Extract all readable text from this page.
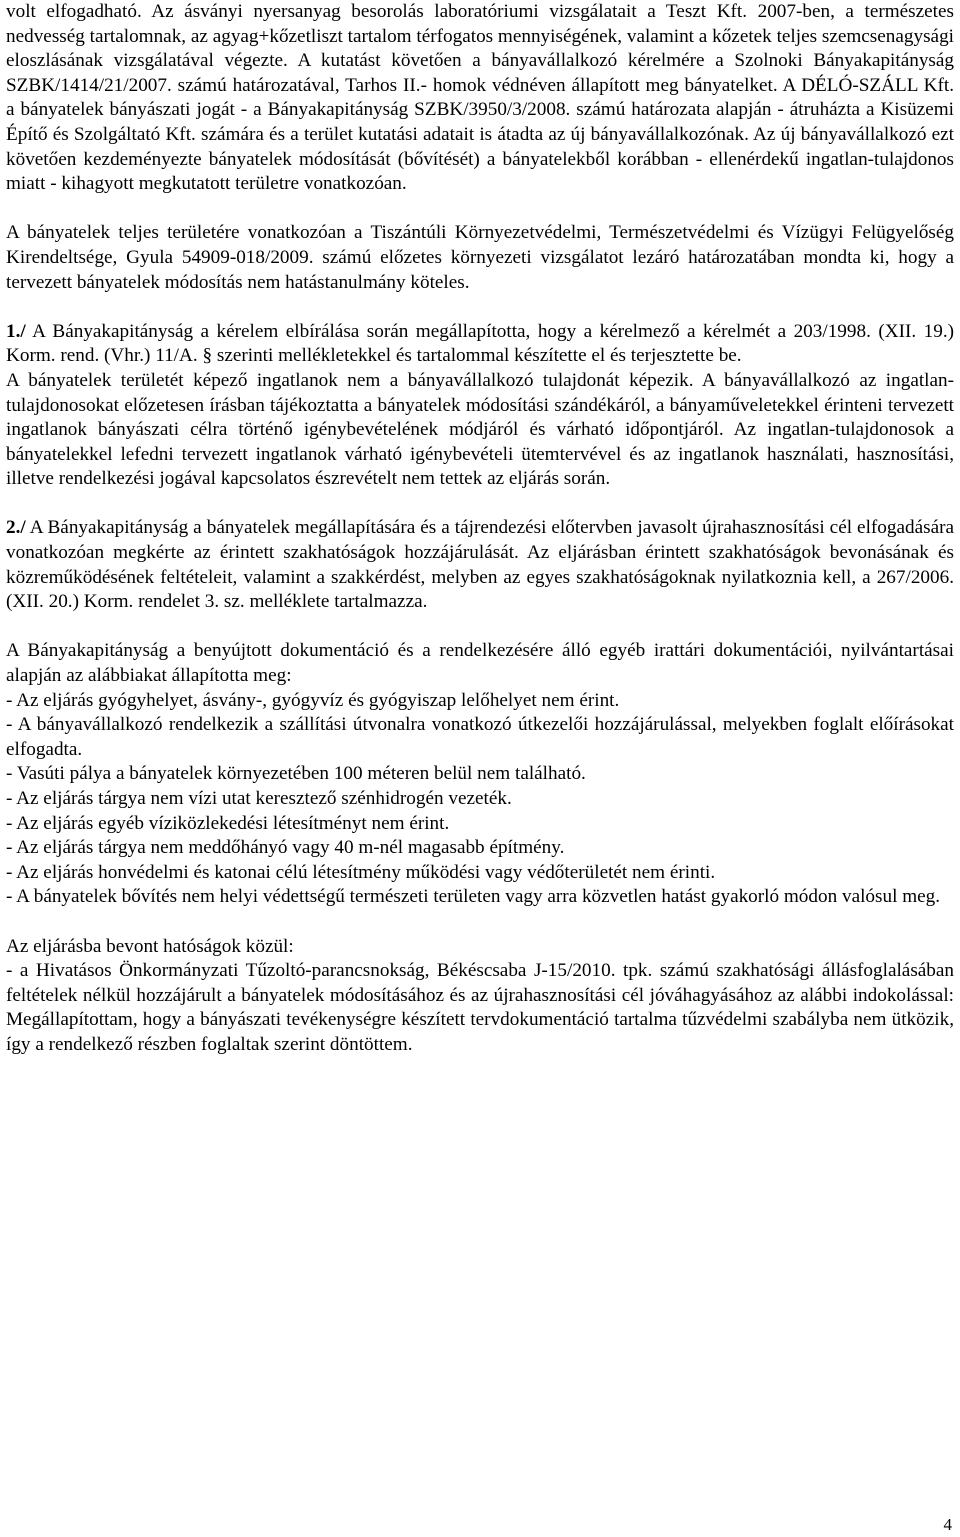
volt elfogadható. Az ásványi nyersanyag besorolás laboratóriumi vizsgálatait a Teszt Kft. 2007-ben, a természetes nedvesség tartalomnak, az agyag+kőzetliszt tartalom térfogatos mennyiségének, valamint a kőzetek teljes szemcsenagysági eloszlásának vizsgálatával végezte. A kutatást követően a bányavállalkozó kérelmére a Szolnoki Bányakapitányság SZBK/1414/21/2007. számú határozatával, Tarhos II.- homok védnéven állapított meg bányatelket. A DÉLÓ-SZÁLL Kft. a bányatelek bányászati jogát - a Bányakapitányság SZBK/3950/3/2008. számú határozata alapján - átruházta a Kisüzemi Építő és Szolgáltató Kft. számára és a terület kutatási adatait is átadta az új bányavállalkozónak. Az új bányavállalkozó ezt követően kezdeményezte bányatelek módosítását (bővítését) a bányatelekből korábban - ellenérdekű ingatlan-tulajdonos miatt - kihagyott megkutatott területre vonatkozóan.

A bányatelek teljes területére vonatkozóan a Tiszántúli Környezetvédelmi, Természetvédelmi és Vízügyi Felügyelőség Kirendeltsége, Gyula 54909-018/2009. számú előzetes környezeti vizsgálatot lezáró határozatában mondta ki, hogy a tervezett bányatelek módosítás nem hatástanulmány köteles.

1./ A Bányakapitányság a kérelem elbírálása során megállapította, hogy a kérelmező a kérelmét a 203/1998. (XII. 19.) Korm. rend. (Vhr.) 11/A. § szerinti mellékletekkel és tartalommal készítette el és terjesztette be.

A bányatelek területét képező ingatlanok nem a bányavállalkozó tulajdonát képezik. A bányavállalkozó az ingatlan-tulajdonosokat előzetesen írásban tájékoztatta a bányatelek módosítási szándékáról, a bányaműveletekkel érinteni tervezett ingatlanok bányászati célra történő igénybevételének módjáról és várható időpontjáról. Az ingatlan-tulajdonosok a bányatelekkel lefedni tervezett ingatlanok várható igénybevételi ütemtervével és az ingatlanok használati, hasznosítási, illetve rendelkezési jogával kapcsolatos észrevételt nem tettek az eljárás során.

2./ A Bányakapitányság a bányatelek megállapítására és a tájrendezési előtervben javasolt újrahasznosítási cél elfogadására vonatkozóan megkérte az érintett szakhatóságok hozzájárulását. Az eljárásban érintett szakhatóságok bevonásának és közreműködésének feltételeit, valamint a szakkérdést, melyben az egyes szakhatóságoknak nyilatkoznia kell, a 267/2006. (XII. 20.) Korm. rendelet 3. sz. melléklete tartalmazza.

A Bányakapitányság a benyújtott dokumentáció és a rendelkezésére álló egyéb irattári dokumentációi, nyilvántartásai alapján az alábbiakat állapította meg:

- Az eljárás gyógyhelyet, ásvány-, gyógyvíz és gyógyiszap lelőhelyet nem érint.

- A bányavállalkozó rendelkezik a szállítási útvonalra vonatkozó útkezelői hozzájárulással, melyekben foglalt előírásokat elfogadta.

- Vasúti pálya a bányatelek környezetében 100 méteren belül nem található.

- Az eljárás tárgya nem vízi utat keresztező szénhidrogén vezeték.

- Az eljárás egyéb víziközlekedési létesítményt nem érint.

- Az eljárás tárgya nem meddőhányó vagy 40 m-nél magasabb építmény.

- Az eljárás honvédelmi és katonai célú létesítmény működési vagy védőterületét nem érinti.

- A bányatelek bővítés nem helyi védettségű természeti területen vagy arra közvetlen hatást gyakorló módon valósul meg.

Az eljárásba bevont hatóságok közül:

- a Hivatásos Önkormányzati Tűzoltó-parancsnokság, Békéscsaba J-15/2010. tpk. számú szakhatósági állásfoglalásában feltételek nélkül hozzájárult a bányatelek módosításához és az újrahasznosítási cél jóváhagyásához az alábbi indokolással: Megállapítottam, hogy a bányászati tevékenységre készített tervdokumentáció tartalma tűzvédelmi szabályba nem ütközik, így a rendelkező részben foglaltak szerint döntöttem.

4
